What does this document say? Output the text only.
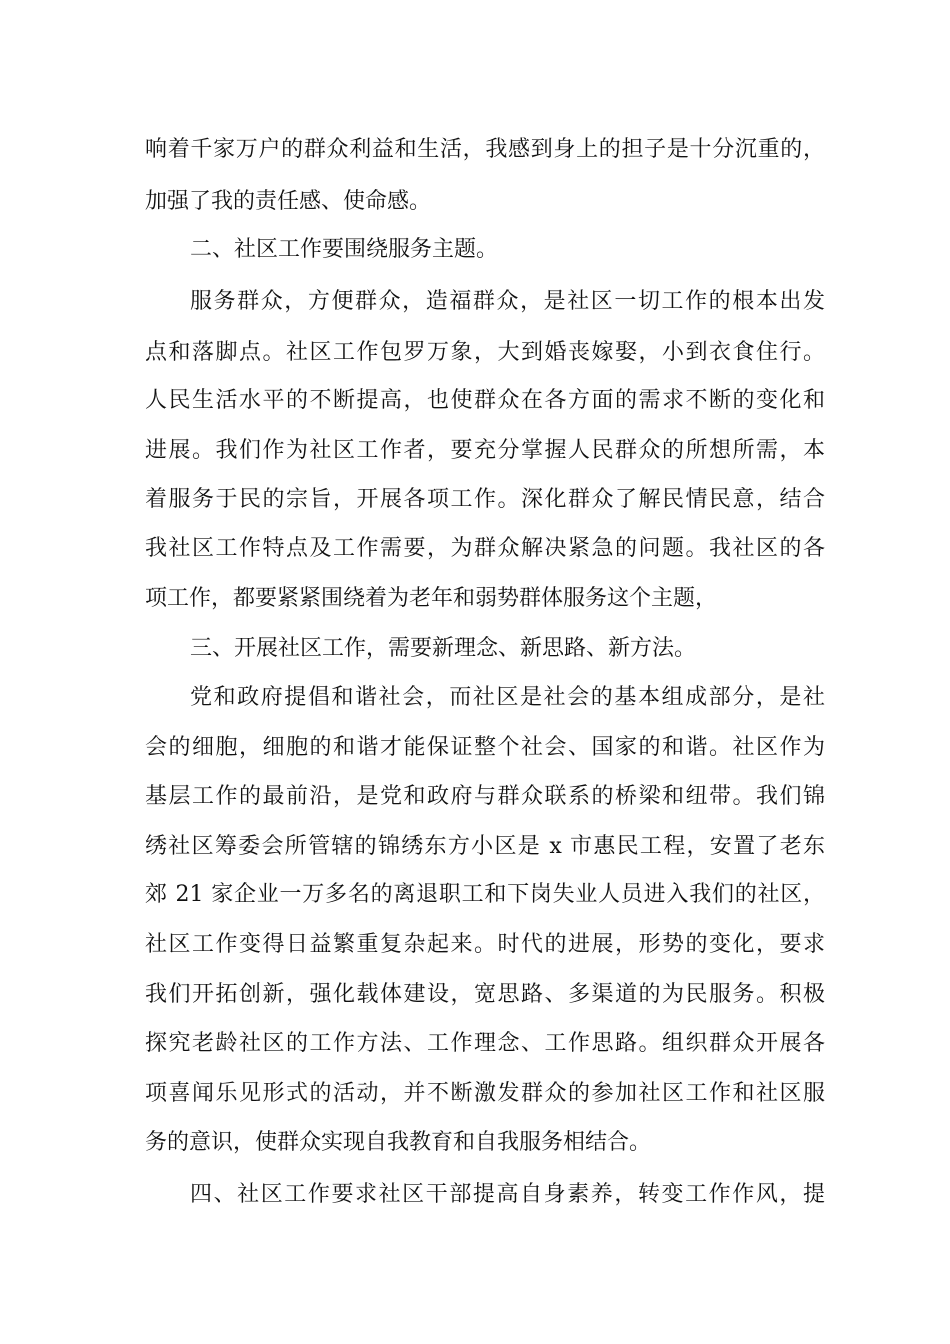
响着千家万户的群众利益和生活，我感到身上的担子是十分沉重的，
加强了我的责任感、使命感。
二、社区工作要围绕服务主题。
服务群众，方便群众，造福群众，是社区一切工作的根本出发
点和落脚点。社区工作包罗万象，大到婚丧嫁娶，小到衣食住行。
人民生活水平的不断提高，也使群众在各方面的需求不断的变化和
进展。我们作为社区工作者，要充分掌握人民群众的所想所需，本
着服务于民的宗旨，开展各项工作。深化群众了解民情民意，结合
我社区工作特点及工作需要，为群众解决紧急的问题。我社区的各
项工作，都要紧紧围绕着为老年和弱势群体服务这个主题，
三、开展社区工作，需要新理念、新思路、新方法。
党和政府提倡和谐社会，而社区是社会的基本组成部分，是社
会的细胞，细胞的和谐才能保证整个社会、国家的和谐。社区作为
基层工作的最前沿，是党和政府与群众联系的桥梁和纽带。我们锦
绣社区筹委会所管辖的锦绣东方小区是 x 市惠民工程，安置了老东
郊 21 家企业一万多名的离退职工和下岗失业人员进入我们的社区，
社区工作变得日益繁重复杂起来。时代的进展，形势的变化，要求
我们开拓创新，强化载体建设，宽思路、多渠道的为民服务。积极
探究老龄社区的工作方法、工作理念、工作思路。组织群众开展各
项喜闻乐见形式的活动，并不断激发群众的参加社区工作和社区服
务的意识，使群众实现自我教育和自我服务相结合。
四、社区工作要求社区干部提高自身素养，转变工作作风，提
